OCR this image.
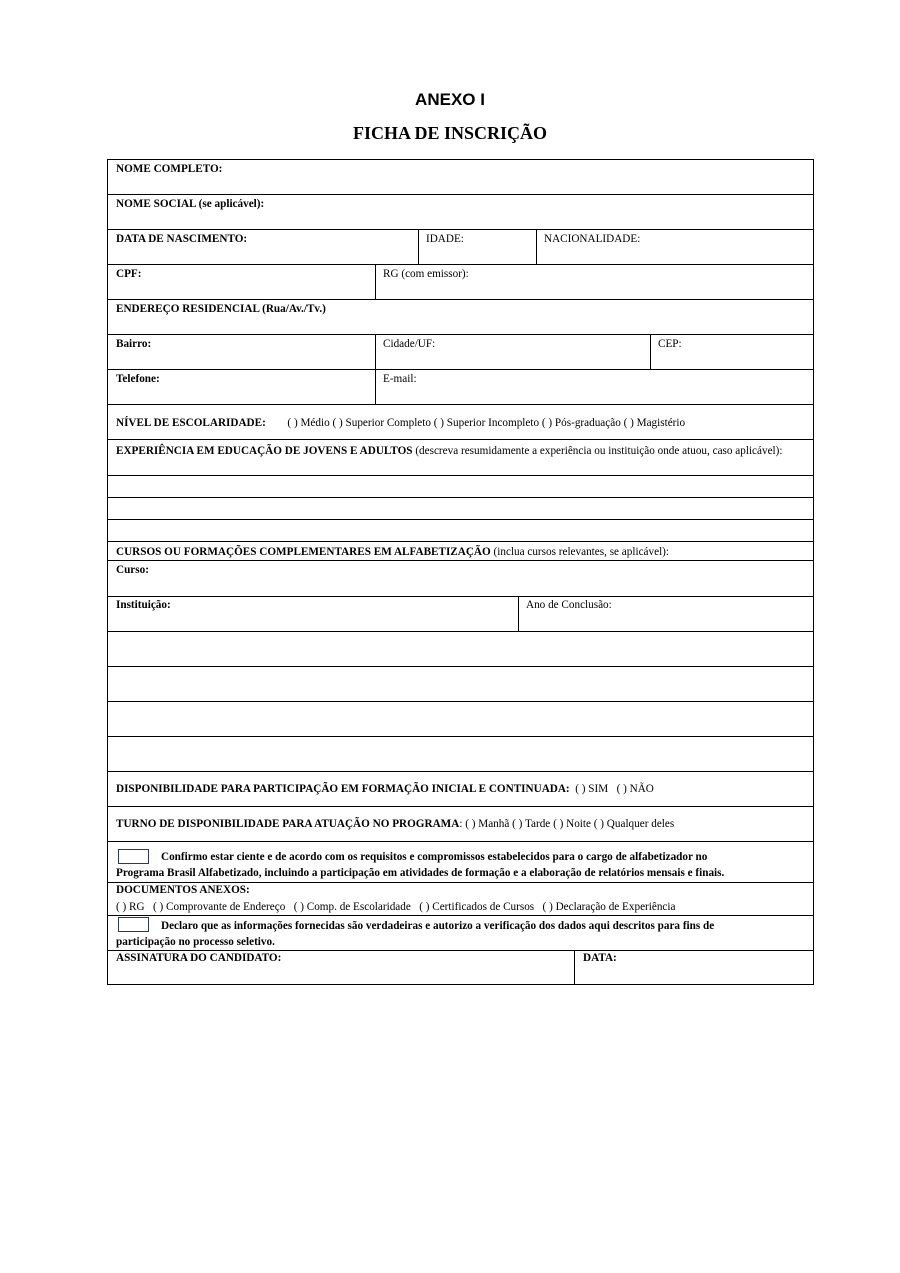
ANEXO I
FICHA DE INSCRIÇÃO
NOME COMPLETO:
NOME SOCIAL (se aplicável):
DATA DE NASCIMENTO:	IDADE:	NACIONALIDADE:
CPF:	RG (com emissor):
ENDEREÇO RESIDENCIAL (Rua/Av./Tv.)
Bairro:	Cidade/UF:	CEP:
Telefone:	E-mail:
NÍVEL DE ESCOLARIDADE: ( ) Médio ( ) Superior Completo ( ) Superior Incompleto ( ) Pós-graduação ( ) Magistério
EXPERIÊNCIA EM EDUCAÇÃO DE JOVENS E ADULTOS (descreva resumidamente a experiência ou instituição onde atuou, caso aplicável):
CURSOS OU FORMAÇÕES COMPLEMENTARES EM ALFABETIZAÇÃO (inclua cursos relevantes, se aplicável):
Curso:
Instituição:	Ano de Conclusão:
DISPONIBILIDADE PARA PARTICIPAÇÃO EM FORMAÇÃO INICIAL E CONTINUADA:  ( ) SIM   ( ) NÃO
TURNO DE DISPONIBILIDADE PARA ATUAÇÃO NO PROGRAMA: ( ) Manhã ( ) Tarde ( ) Noite ( ) Qualquer deles
Confirmo estar ciente e de acordo com os requisitos e compromissos estabelecidos para o cargo de alfabetizador no
Programa Brasil Alfabetizado, incluindo a participação em atividades de formação e a elaboração de relatórios mensais e finais.
DOCUMENTOS ANEXOS:
( ) RG   ( ) Comprovante de Endereço   ( ) Comp. de Escolaridade   ( ) Certificados de Cursos   ( ) Declaração de Experiência
Declaro que as informações fornecidas são verdadeiras e autorizo a verificação dos dados aqui descritos para fins de
participação no processo seletivo.
ASSINATURA DO CANDIDATO:	DATA:
